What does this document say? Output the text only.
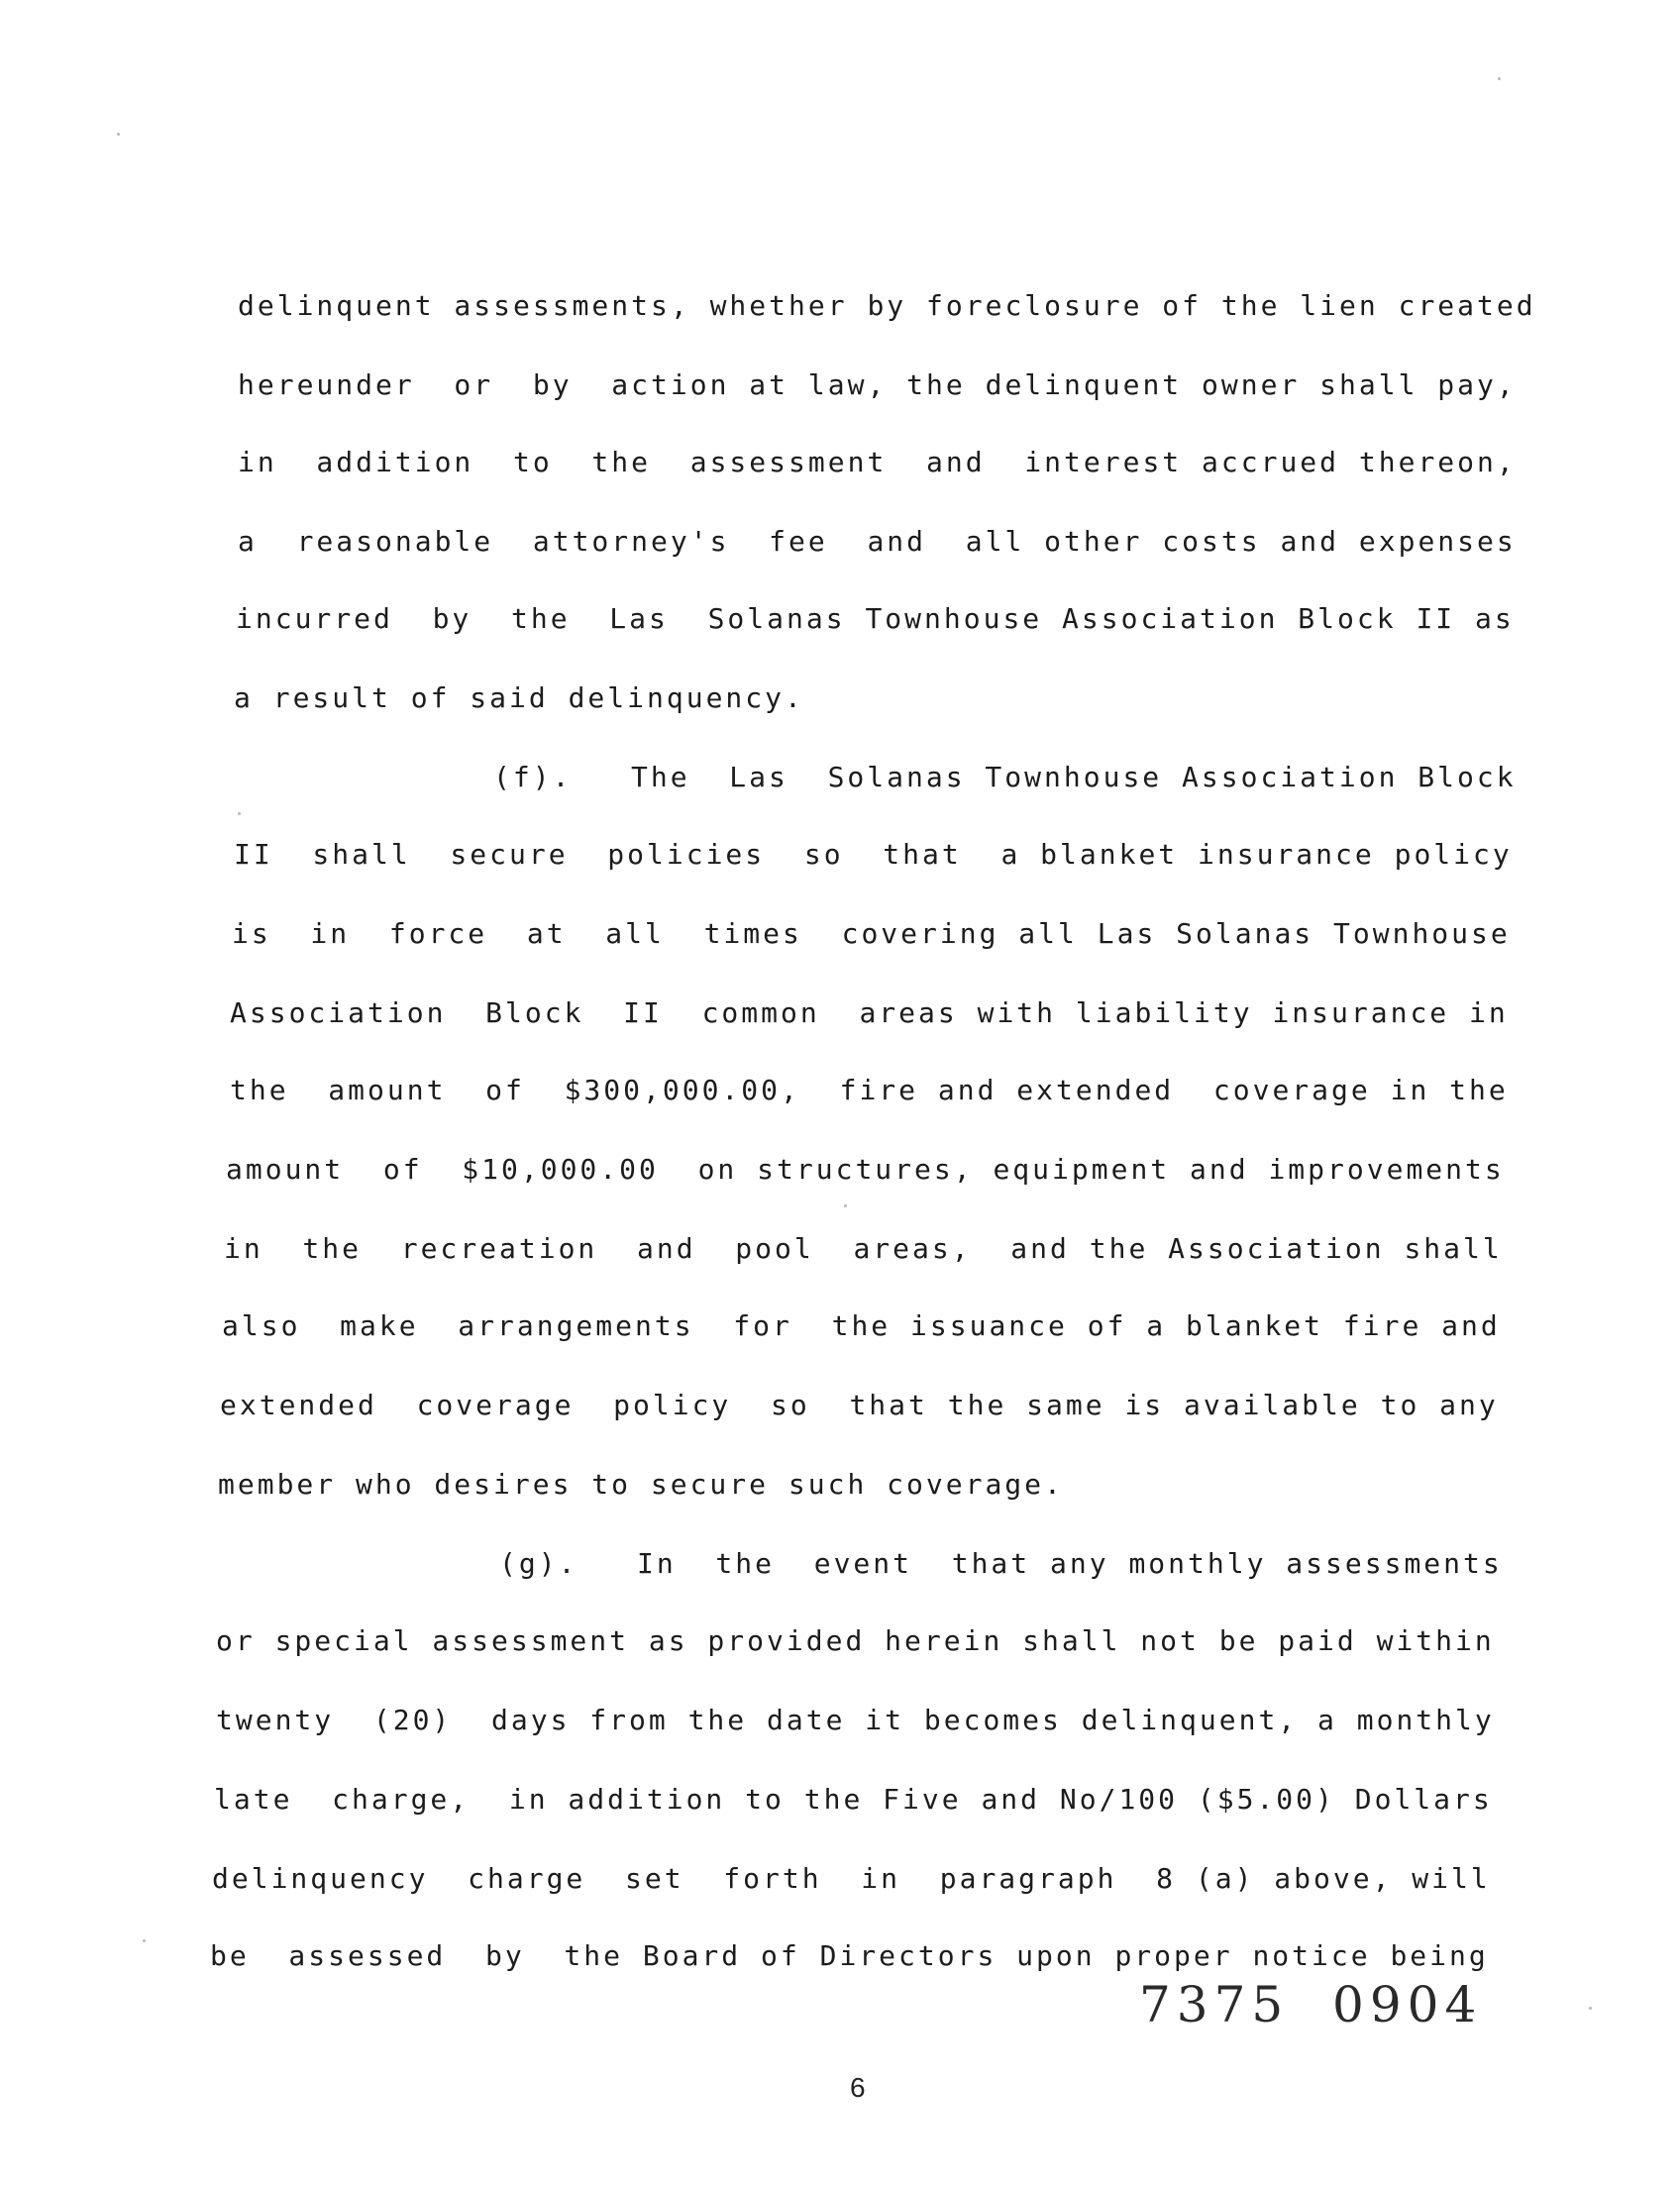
delinquent assessments, whether by foreclosure of the lien created
hereunder  or  by  action at law, the delinquent owner shall pay,
in  addition  to  the  assessment  and  interest accrued thereon,
a  reasonable  attorney's  fee  and  all other costs and expenses
incurred  by  the  Las  Solanas Townhouse Association Block II as
a result of said delinquency.
(f).   The  Las  Solanas Townhouse Association Block
II  shall  secure  policies  so  that  a blanket insurance policy
is  in  force  at  all  times  covering all Las Solanas Townhouse
Association  Block  II  common  areas with liability insurance in
the  amount  of  $300,000.00,  fire and extended  coverage in the
amount  of  $10,000.00  on structures, equipment and improvements
in  the  recreation  and  pool  areas,  and the Association shall
also  make  arrangements  for  the issuance of a blanket fire and
extended  coverage  policy  so  that the same is available to any
member who desires to secure such coverage.
(g).   In  the  event  that any monthly assessments
or special assessment as provided herein shall not be paid within
twenty  (20)  days from the date it becomes delinquent, a monthly
late  charge,  in addition to the Five and No/100 ($5.00) Dollars
delinquency  charge  set  forth  in  paragraph  8 (a) above, will
be  assessed  by  the Board of Directors upon proper notice being
7375  0904
6
